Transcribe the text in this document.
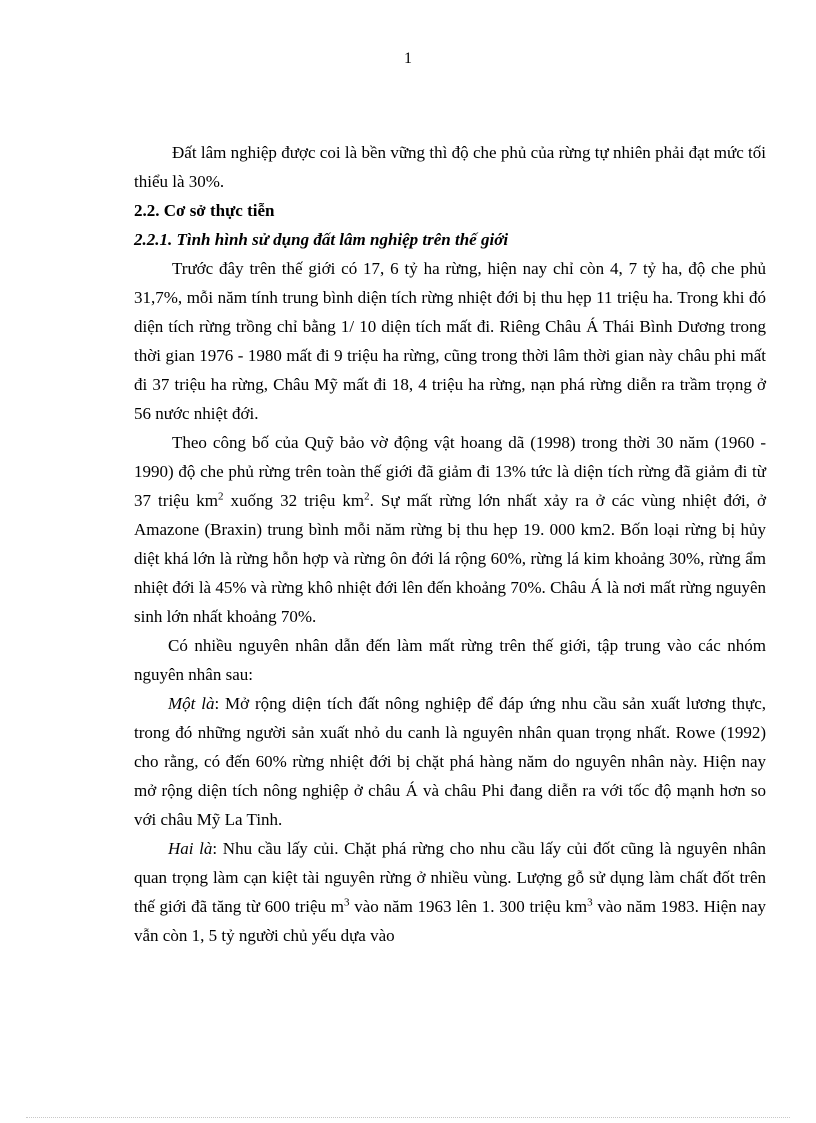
1

Đất lâm nghiệp được coi là bền vững thì độ che phủ của rừng tự nhiên phải đạt mức tối thiểu là 30%.

2.2. Cơ sở thực tiễn

2.2.1. Tình hình sử dụng đất lâm nghiệp trên thế giới

Trước đây trên thế giới có 17, 6 tỷ ha rừng, hiện nay chỉ còn 4, 7 tỷ ha, độ che phủ 31,7%, mỗi năm tính trung bình diện tích rừng nhiệt đới bị thu hẹp 11 triệu ha. Trong khi đó diện tích rừng trồng chỉ bằng 1/ 10 diện tích mất đi. Riêng Châu Á Thái Bình Dương trong thời gian 1976 - 1980 mất đi 9 triệu ha rừng, cũng trong thời lâm thời gian này châu phi mất đi 37 triệu ha rừng, Châu Mỹ mất đi 18, 4 triệu ha rừng, nạn phá rừng diễn ra trầm trọng ở 56 nước nhiệt đới.

Theo công bố của Quỹ bảo vờ động vật hoang dã (1998) trong thời 30 năm (1960 - 1990) độ che phủ rừng trên toàn thế giới đã giảm đi 13% tức là diện tích rừng đã giảm đi từ 37 triệu $km^2$ xuống 32 triệu $km^2$. Sự mất rừng lớn nhất xảy ra ở các vùng nhiệt đới, ở Amazone (Braxin) trung bình mỗi năm rừng bị thu hẹp 19. 000 km2. Bốn loại rừng bị hủy diệt khá lớn là rừng hỗn hợp và rừng ôn đới lá rộng 60%, rừng lá kim khoảng 30%, rừng ẩm nhiệt đới là 45% và rừng khô nhiệt đới lên đến khoảng 70%. Châu Á là nơi mất rừng nguyên sinh lớn nhất khoảng 70%.

Có nhiều nguyên nhân dẫn đến làm mất rừng trên thế giới, tập trung vào các nhóm nguyên nhân sau:

Một là: Mở rộng diện tích đất nông nghiệp để đáp ứng nhu cầu sản xuất lương thực, trong đó những người sản xuất nhỏ du canh là nguyên nhân quan trọng nhất. Rowe (1992) cho rằng, có đến 60% rừng nhiệt đới bị chặt phá hàng năm do nguyên nhân này. Hiện nay mở rộng diện tích nông nghiệp ở châu Á và châu Phi đang diễn ra với tốc độ mạnh hơn so với châu Mỹ La Tinh.

Hai là: Nhu cầu lấy củi. Chặt phá rừng cho nhu cầu lấy củi đốt cũng là nguyên nhân quan trọng làm cạn kiệt tài nguyên rừng ở nhiều vùng. Lượng gỗ sử dụng làm chất đốt trên thế giới đã tăng từ 600 triệu $m^3$ vào năm 1963 lên 1. 300 triệu $km^3$ vào năm 1983. Hiện nay vẫn còn 1, 5 tỷ người chủ yếu dựa vào
